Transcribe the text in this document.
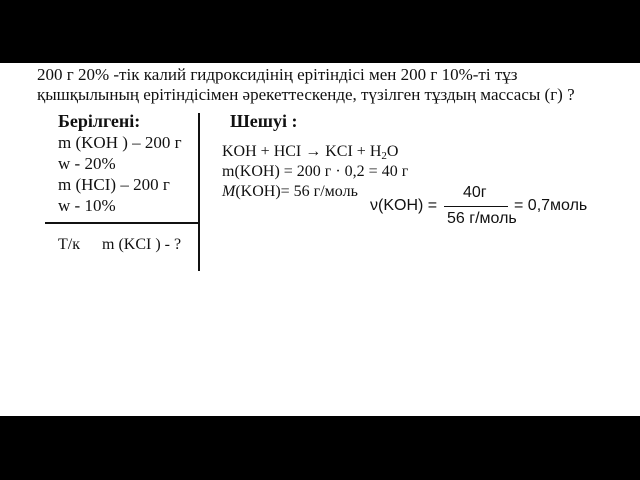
200 г 20% -тік калий гидроксидінің ерітіндісі мен 200 г 10%-ті тұз
қышқылының ерітіндісімен әрекеттескенде, түзілген тұздың массасы (г) ?
Берілгені:
m (KOH ) – 200 г
w - 20%
m (HCI) – 200 г
w - 10%
Т/к m (KCI ) - ?
Шешуі :
KOH + HCI → KCI + $H_2O$
m(KOH) = 200 г · 0,2 = 40 г
M(KOH)= 56 г/моль
ν(KOH) =
40г
56 г/моль
= 0,7моль
